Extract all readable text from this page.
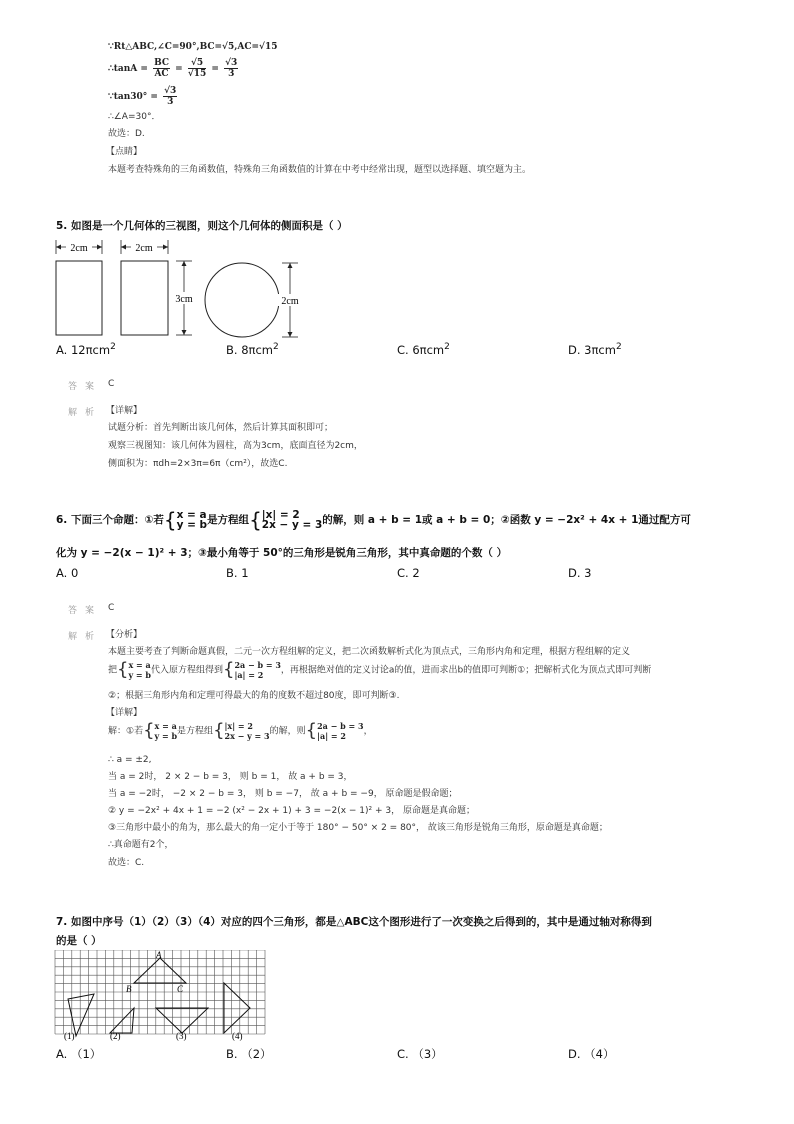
∵Rt△ABC,∠C=90°,BC=√5,AC=√15
∴tanA = $\frac{BC}{AC} = \frac{√5}{√15} = \frac{√3}{3}$
∵tan30° = $\frac{√3}{3}$
∴∠A=30°．
故选：D.
【点睛】
本题考查特殊角的三角函数值，特殊角三角函数值的计算在中考中经常出现，题型以选择题、填空题为主。
5. 如图是一个几何体的三视图，则这个几何体的侧面积是（ ）
2cm	2cm
3cm	2cm
A. 12πcm$^2$	B. 8πcm$^2$	C. 6πcm$^2$	D. 3πcm$^2$
答案 C
解析 【详解】
试题分析：首先判断出该几何体，然后计算其面积即可；
观察三视图知：该几何体为圆柱，高为3cm，底面直径为2cm，
侧面积为：πdh=2×3π=6π（cm²），故选C.
6. 下面三个命题：①若{ x = a
y = b 是方程组{ |x| = 2
2x − y = 3 的解，则 a + b = 1或 a + b = 0；②函数 y = −2x² + 4x + 1通过配方可
化为 y = −2(x − 1)² + 3；③最小角等于 50°的三角形是锐角三角形，其中真命题的个数（ ）
A. 0	B. 1	C. 2	D. 3
答案 C
解析 【分析】
本题主要考查了判断命题真假，二元一次方程组解的定义，把二次函数解析式化为顶点式，三角形内角和定理，根据方程组解的定义
把{ x = a
y = b 代入原方程组得到{ 2a − b = 3
|a| = 2	，再根据绝对值的定义讨论a的值，进而求出b的值即可判断①；把解析式化为顶点式即可判断
②；根据三角形内角和定理可得最大的角的度数不超过80度，即可判断③.
【详解】
解：①若{ x = a
y = b 是方程组{ |x| = 2
2x − y = 3 的解，则{ 2a − b = 3
|a| = 2	，
∴ a = ±2,
当 a = 2时， 2 × 2 − b = 3， 则 b = 1， 故 a + b = 3，
当 a = −2时， −2 × 2 − b = 3， 则 b = −7， 故 a + b = −9， 原命题是假命题；
② y = −2x² + 4x + 1 = −2 (x² − 2x + 1) + 3 = −2(x − 1)² + 3， 原命题是真命题；
③三角形中最小的角为，那么最大的角一定小于等于 180° − 50° × 2 = 80°， 故该三角形是锐角三角形，原命题是真命题；
∴真命题有2个，
故选：C.
7. 如图中序号（1）（2）（3）（4）对应的四个三角形，都是△ABC这个图形进行了一次变换之后得到的，其中是通过轴对称得到
的是（ ）
A
B	C
(1)	(2)	(3)	(4)
A. （1）	B. （2）	C. （3）	D. （4）
